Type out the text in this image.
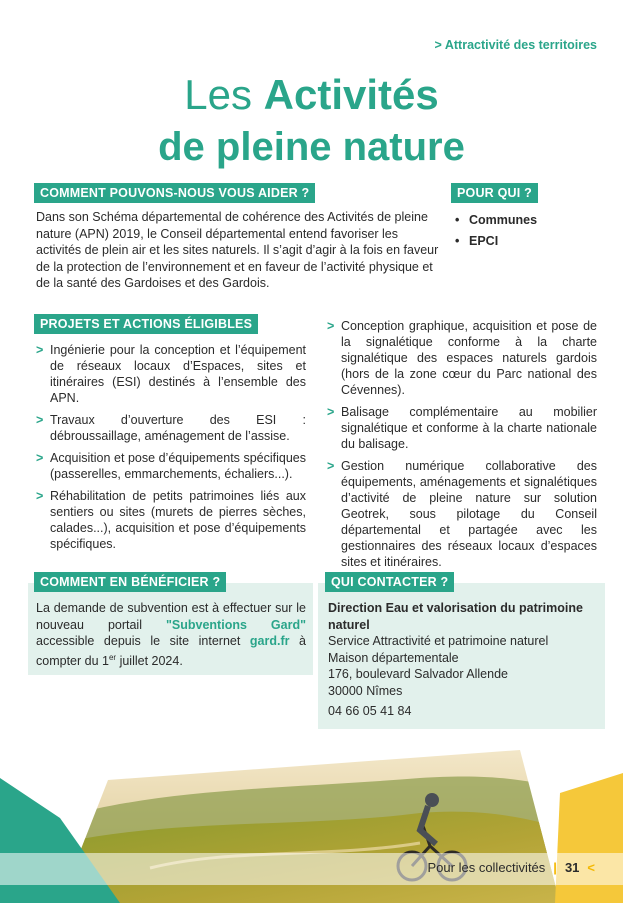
> Attractivité des territoires
Les Activités
de pleine nature
COMMENT POUVONS-NOUS VOUS AIDER ?
Dans son Schéma départemental de cohérence des Activités de pleine nature (APN) 2019, le Conseil départemental entend favoriser les activités de plein air et les sites naturels. Il s’agit d’agir à la fois en faveur de la protection de l’environnement et en faveur de l’activité physique et de la santé des Gardoises et des Gardois.
POUR QUI ?
• Communes
• EPCI
PROJETS ET ACTIONS ÉLIGIBLES
> Ingénierie pour la conception et l’équipement de réseaux locaux d’Espaces, sites et itinéraires (ESI) destinés à l’ensemble des APN.
> Travaux d’ouverture des ESI : débroussaillage, aménagement de l’assise.
> Acquisition et pose d’équipements spécifiques (passerelles, emmarchements, échaliers...).
> Réhabilitation de petits patrimoines liés aux sentiers ou sites (murets de pierres sèches, calades...), acquisition et pose d’équipements spécifiques.
> Conception graphique, acquisition et pose de la signalétique conforme à la charte signalétique des espaces naturels gardois (hors de la zone cœur du Parc national des Cévennes).
> Balisage complémentaire au mobilier signalétique et conforme à la charte nationale du balisage.
> Gestion numérique collaborative des équipements, aménagements et signalétiques d’activité de pleine nature sur solution Geotrek, sous pilotage du Conseil départemental et partagée avec les gestionnaires des réseaux locaux d’espaces sites et itinéraires.
COMMENT EN BÉNÉFICIER ?
La demande de subvention est à effectuer sur le nouveau portail "Subventions Gard" accessible depuis le site internet gard.fr à compter du 1er juillet 2024.
QUI CONTACTER ?
Direction Eau et valorisation du patrimoine naturel
Service Attractivité et patrimoine naturel
Maison départementale
176, boulevard Salvador Allende
30000 Nîmes
04 66 05 41 84
Pour les collectivités | 31 <
